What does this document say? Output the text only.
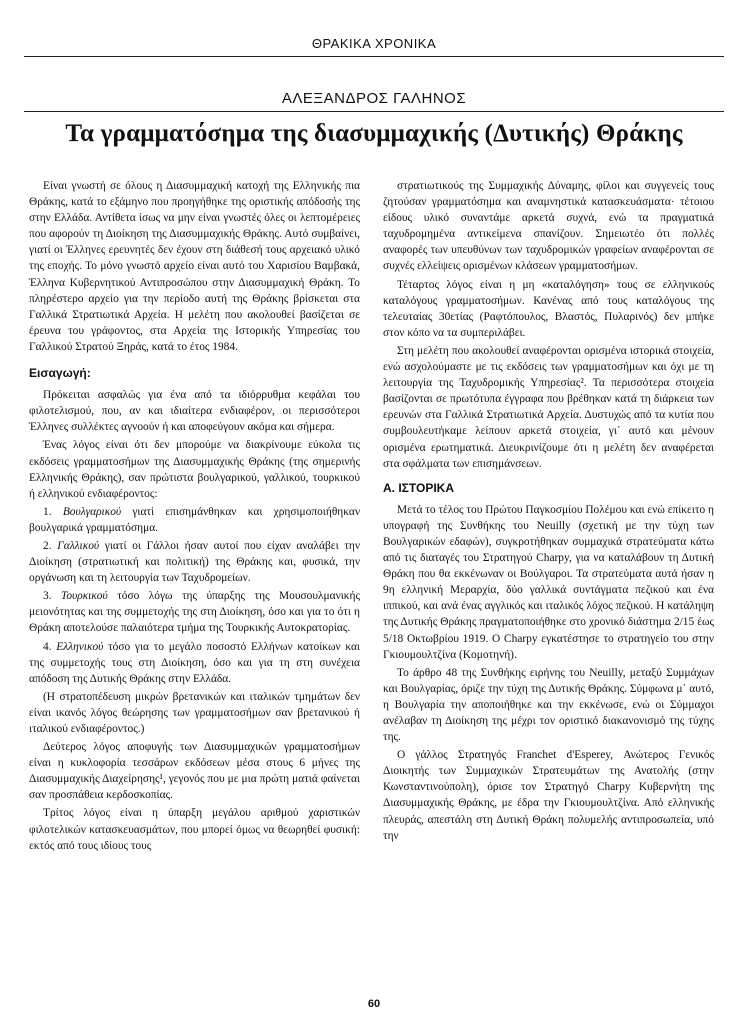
ΘΡΑΚΙΚΑ ΧΡΟΝΙΚΑ
ΑΛΕΞΑΝΔΡΟΣ ΓΑΛΗΝΟΣ
Τα γραμματόσημα της διασυμμαχικής (Δυτικής) Θράκης

Είναι γνωστή σε όλους η Διασυμμαχική κατοχή της Ελληνικής πια Θράκης, κατά το εξάμηνο που προηγήθηκε της οριστικής απόδοσής της στην Ελλάδα. Αντίθετα ίσως να μην είναι γνωστές όλες οι λεπτομέρειες που αφορούν τη Διοίκηση της Διασυμμαχικής Θράκης. Αυτό συμβαίνει, γιατί οι Έλληνες ερευνητές δεν έχουν στη διάθεσή τους αρχειακό υλικό της εποχής. Το μόνο γνωστό αρχείο είναι αυτό του Χαρισίου Βαμβακά, Έλληνα Κυβερνητικού Αντιπροσώπου στην Διασυμμαχική Θράκη. Το πληρέστερο αρχείο για την περίοδο αυτή της Θράκης βρίσκεται στα Γαλλικά Στρατιωτικά Αρχεία. Η μελέτη που ακολουθεί βασίζεται σε έρευνα του γράφοντος, στα Αρχεία της Ιστορικής Υπηρεσίας του Γαλλικού Στρατού Ξηράς, κατά το έτος 1984.

Εισαγωγή:

Πρόκειται ασφαλώς για ένα από τα ιδιόρρυθμα κεφάλαι του φιλοτελισμού, που, αν και ιδιαίτερα ενδιαφέρον, οι περισσότεροι Έλληνες συλλέκτες αγνοούν ή και αποφεύγουν ακόμα και σήμερα.

Ένας λόγος είναι ότι δεν μπορούμε να διακρίνουμε εύκολα τις εκδόσεις γραμματοσήμων της Διασυμμαχικής Θράκης (της σημερινής Ελληνικής Θράκης), σαν πρώτιστα βουλγαρικού, γαλλικού, τουρκικού ή ελληνικού ενδιαφέροντος:

1. Βουλγαρικού γιατί επισημάνθηκαν και χρησιμοποιήθηκαν βουλγαρικά γραμματόσημα.

2. Γαλλικού γιατί οι Γάλλοι ήσαν αυτοί που είχαν αναλάβει την Διοίκηση (στρατιωτική και πολιτική) της Θράκης και, φυσικά, την οργάνωση και τη λειτουργία των Ταχυδρομείων.

3. Τουρκικού τόσο λόγω της ύπαρξης της Μουσουλμανικής μειονότητας και της συμμετοχής της στη Διοίκηση, όσο και για το ότι η Θράκη αποτελούσε παλαιότερα τμήμα της Τουρκικής Αυτοκρατορίας.

4. Ελληνικού τόσο για το μεγάλο ποσοστό Ελλήνων κατοίκων και της συμμετοχής τους στη Διοίκηση, όσο και για τη στη συνέχεια απόδοση της Δυτικής Θράκης στην Ελλάδα.

(Η στρατοπέδευση μικρών βρετανικών και ιταλικών τμημάτων δεν είναι ικανός λόγος θεώρησης των γραμματοσήμων σαν βρετανικού ή ιταλικού ενδιαφέροντος.)

Δεύτερος λόγος αποφυγής των Διασυμμαχικών γραμματοσήμων είναι η κυκλοφορία τεσσάρων εκδόσεων μέσα στους 6 μήνες της Διασυμμαχικής Διαχείρησης¹, γεγονός που με μια πρώτη ματιά φαίνεται σαν προσπάθεια κερδοσκοπίας.

Τρίτος λόγος είναι η ύπαρξη μεγάλου αριθμού χαριστικών φιλοτελικών κατασκευασμάτων, που μπορεί όμως να θεωρηθεί φυσική: εκτός από τους ιδίους τους

στρατιωτικούς της Συμμαχικής Δύναμης, φίλοι και συγγενείς τους ζητούσαν γραμματόσημα και αναμνηστικά κατασκευάσματα· τέτοιου είδους υλικό συναντάμε αρκετά συχνά, ενώ τα πραγματικά ταχυδρομημένα αντικείμενα σπανίζουν. Σημειωτέο ότι πολλές αναφορές των υπευθύνων των ταχυδρομικών γραφείων αναφέρονται σε συχνές ελλείψεις ορισμένων κλάσεων γραμματοσήμων.

Τέταρτος λόγος είναι η μη «καταλόγηση» τους σε ελληνικούς καταλόγους γραμματοσήμων. Κανένας από τους καταλόγους της τελευταίας 30ετίας (Ραφτόπουλος, Βλαστός, Πυλαρινός) δεν μπήκε στον κόπο να τα συμπεριλάβει.

Στη μελέτη που ακολουθεί αναφέρονται ορισμένα ιστορικά στοιχεία, ενώ ασχολούμαστε με τις εκδόσεις των γραμματοσήμων και όχι με τη λειτουργία της Ταχυδρομικής Υπηρεσίας². Τα περισσότερα στοιχεία βασίζονται σε πρωτότυπα έγγραφα που βρέθηκαν κατά τη διάρκεια των ερευνών στα Γαλλικά Στρατιωτικά Αρχεία. Δυστυχώς από τα κυτία που συμβουλευτήκαμε λείπουν αρκετά στοιχεία, γι᾽ αυτό και μένουν ορισμένα ερωτηματικά. Διευκρινίζουμε ότι η μελέτη δεν αναφέρεται στα σφάλματα των επισημάνσεων.

Α. ΙΣΤΟΡΙΚΑ

Μετά το τέλος του Πρώτου Παγκοσμίου Πολέμου και ενώ επίκειτο η υπογραφή της Συνθήκης του Neuilly (σχετική με την τύχη των Βουλγαρικών εδαφών), συγκροτήθηκαν συμμαχικά στρατεύματα κάτω από τις διαταγές του Στρατηγού Charpy, για να καταλάβουν τη Δυτική Θράκη που θα εκκένωναν οι Βούλγαροι. Τα στρατεύματα αυτά ήσαν η 9η ελληνική Μεραρχία, δύο γαλλικά συντάγματα πεζικού και ένα ιππικού, και ανά ένας αγγλικός και ιταλικός λόχος πεζικού. Η κατάληψη της Δυτικής Θράκης πραγματοποιήθηκε στο χρονικό διάστημα 2/15 έως 5/18 Οκτωβρίου 1919. Ο Charpy εγκατέστησε το στρατηγείο του στην Γκιουμουλτζίνα (Κομοτηνή).

Το άρθρο 48 της Συνθήκης ειρήνης του Neuilly, μεταξύ Συμμάχων και Βουλγαρίας, όριζε την τύχη της Δυτικής Θράκης. Σύμφωνα μ᾽ αυτό, η Βουλγαρία την αποποιήθηκε και την εκκένωσε, ενώ οι Σύμμαχοι ανέλαβαν τη Διοίκηση της μέχρι τον οριστικό διακανονισμό της τύχης της.

Ο γάλλος Στρατηγός Franchet d'Esperey, Ανώτερος Γενικός Διοικητής των Συμμαχικών Στρατευμάτων της Ανατολής (στην Κωνσταντινούπολη), όρισε τον Στρατηγό Charpy Κυβερνήτη της Διασυμμαχικής Θράκης, με έδρα την Γκιουμουλτζίνα. Από ελληνικής πλευράς, απεστάλη στη Δυτική Θράκη πολυμελής αντιπροσωπεία, υπό την

60
